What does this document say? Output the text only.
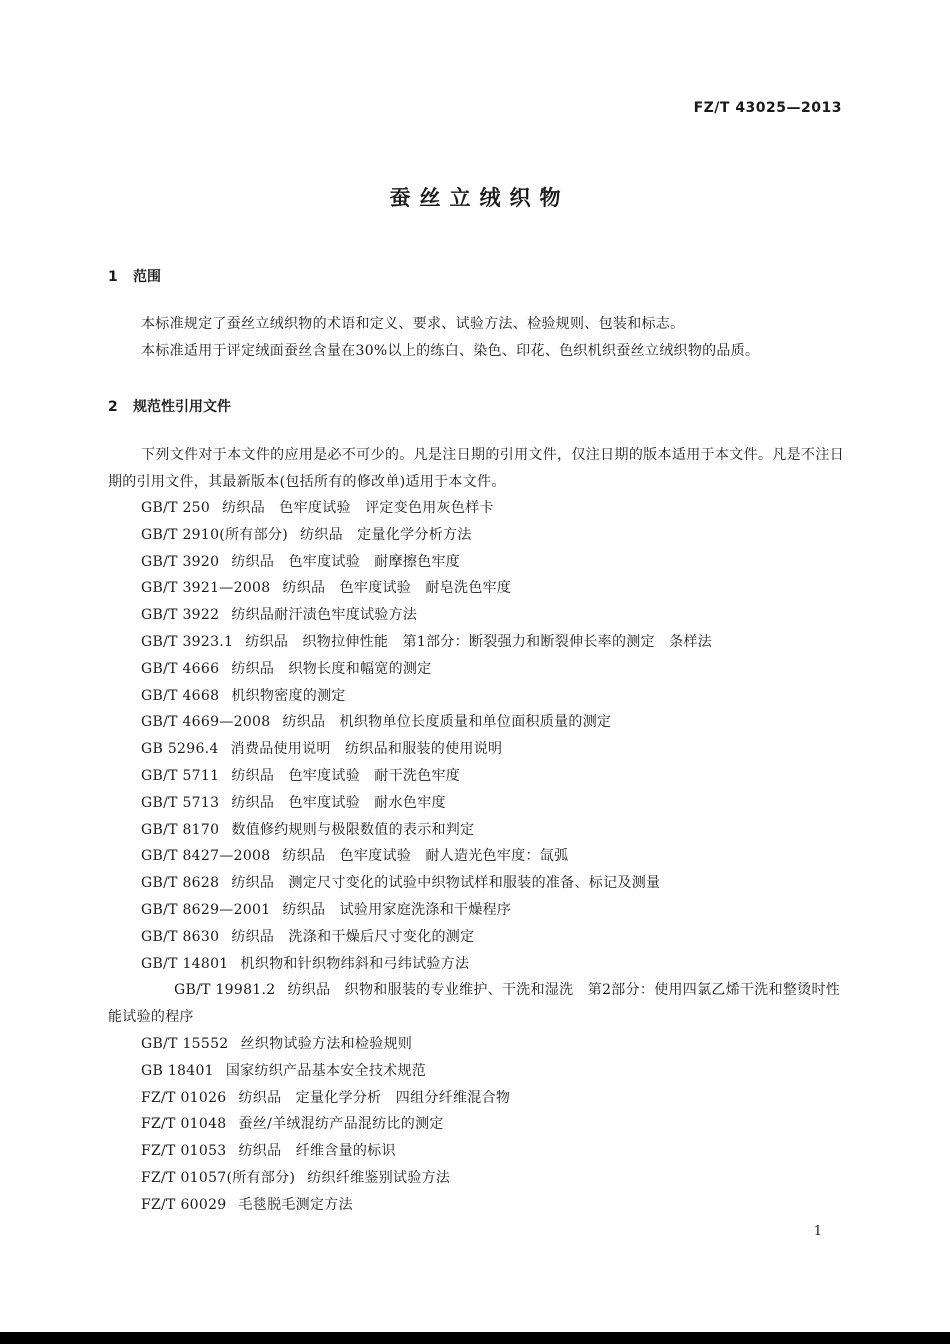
FZ/T 43025—2013
蚕丝立绒织物
1 范围
本标准规定了蚕丝立绒织物的术语和定义、要求、试验方法、检验规则、包装和标志。
本标准适用于评定绒面蚕丝含量在30%以上的练白、染色、印花、色织机织蚕丝立绒织物的品质。
2 规范性引用文件
下列文件对于本文件的应用是必不可少的。凡是注日期的引用文件，仅注日期的版本适用于本文件。凡是不注日期的引用文件，其最新版本(包括所有的修改单)适用于本文件。
GB/T 250 纺织品　色牢度试验　评定变色用灰色样卡
GB/T 2910(所有部分) 纺织品　定量化学分析方法
GB/T 3920 纺织品　色牢度试验　耐摩擦色牢度
GB/T 3921—2008 纺织品　色牢度试验　耐皂洗色牢度
GB/T 3922 纺织品耐汗渍色牢度试验方法
GB/T 3923.1 纺织品　织物拉伸性能　第1部分：断裂强力和断裂伸长率的测定　条样法
GB/T 4666 纺织品　织物长度和幅宽的测定
GB/T 4668 机织物密度的测定
GB/T 4669—2008 纺织品　机织物单位长度质量和单位面积质量的测定
GB 5296.4 消费品使用说明　纺织品和服装的使用说明
GB/T 5711 纺织品　色牢度试验　耐干洗色牢度
GB/T 5713 纺织品　色牢度试验　耐水色牢度
GB/T 8170 数值修约规则与极限数值的表示和判定
GB/T 8427—2008 纺织品　色牢度试验　耐人造光色牢度：氙弧
GB/T 8628 纺织品　测定尺寸变化的试验中织物试样和服装的准备、标记及测量
GB/T 8629—2001 纺织品　试验用家庭洗涤和干燥程序
GB/T 8630 纺织品　洗涤和干燥后尺寸变化的测定
GB/T 14801 机织物和针织物纬斜和弓纬试验方法
GB/T 19981.2 纺织品　织物和服装的专业维护、干洗和湿洗　第2部分：使用四氯乙烯干洗和整烫时性能试验的程序
GB/T 15552 丝织物试验方法和检验规则
GB 18401 国家纺织产品基本安全技术规范
FZ/T 01026 纺织品　定量化学分析　四组分纤维混合物
FZ/T 01048 蚕丝/羊绒混纺产品混纺比的测定
FZ/T 01053 纺织品　纤维含量的标识
FZ/T 01057(所有部分) 纺织纤维鉴别试验方法
FZ/T 60029 毛毯脱毛测定方法
1
